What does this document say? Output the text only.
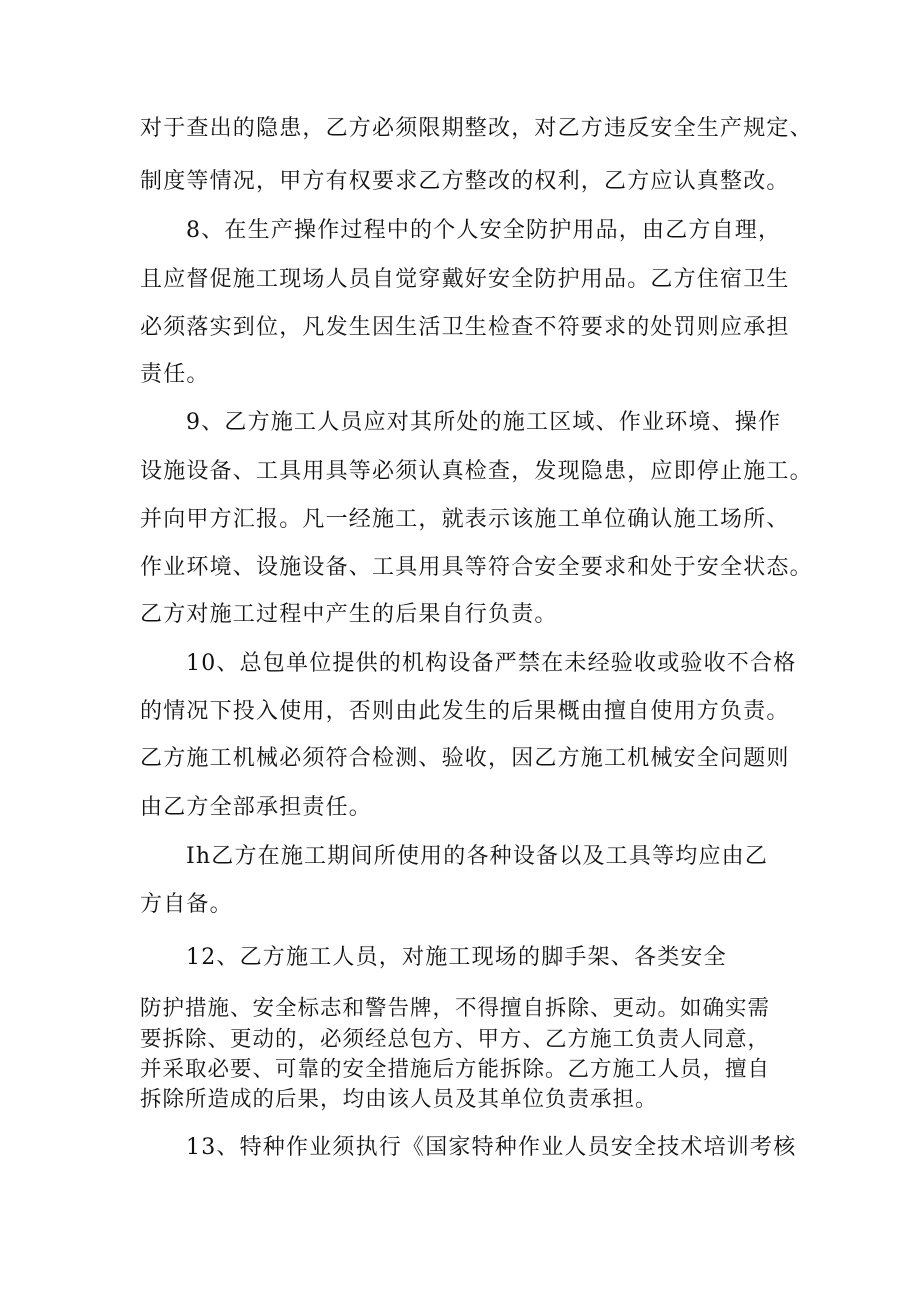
对于查出的隐患，乙方必须限期整改，对乙方违反安全生产规定、
制度等情况，甲方有权要求乙方整改的权利，乙方应认真整改。
8、在生产操作过程中的个人安全防护用品，由乙方自理，
且应督促施工现场人员自觉穿戴好安全防护用品。乙方住宿卫生
必须落实到位，凡发生因生活卫生检查不符要求的处罚则应承担
责任。
9、乙方施工人员应对其所处的施工区域、作业环境、操作
设施设备、工具用具等必须认真检查，发现隐患，应即停止施工。
并向甲方汇报。凡一经施工，就表示该施工单位确认施工场所、
作业环境、设施设备、工具用具等符合安全要求和处于安全状态。
乙方对施工过程中产生的后果自行负责。
10、总包单位提供的机构设备严禁在未经验收或验收不合格
的情况下投入使用，否则由此发生的后果概由擅自使用方负责。
乙方施工机械必须符合检测、验收，因乙方施工机械安全问题则
由乙方全部承担责任。
Ih乙方在施工期间所使用的各种设备以及工具等均应由乙
方自备。
12、乙方施工人员，对施工现场的脚手架、各类安全
防护措施、安全标志和警告牌，不得擅自拆除、更动。如确实需
要拆除、更动的，必须经总包方、甲方、乙方施工负责人同意，
并采取必要、可靠的安全措施后方能拆除。乙方施工人员，擅自
拆除所造成的后果，均由该人员及其单位负责承担。
13、特种作业须执行《国家特种作业人员安全技术培训考核
